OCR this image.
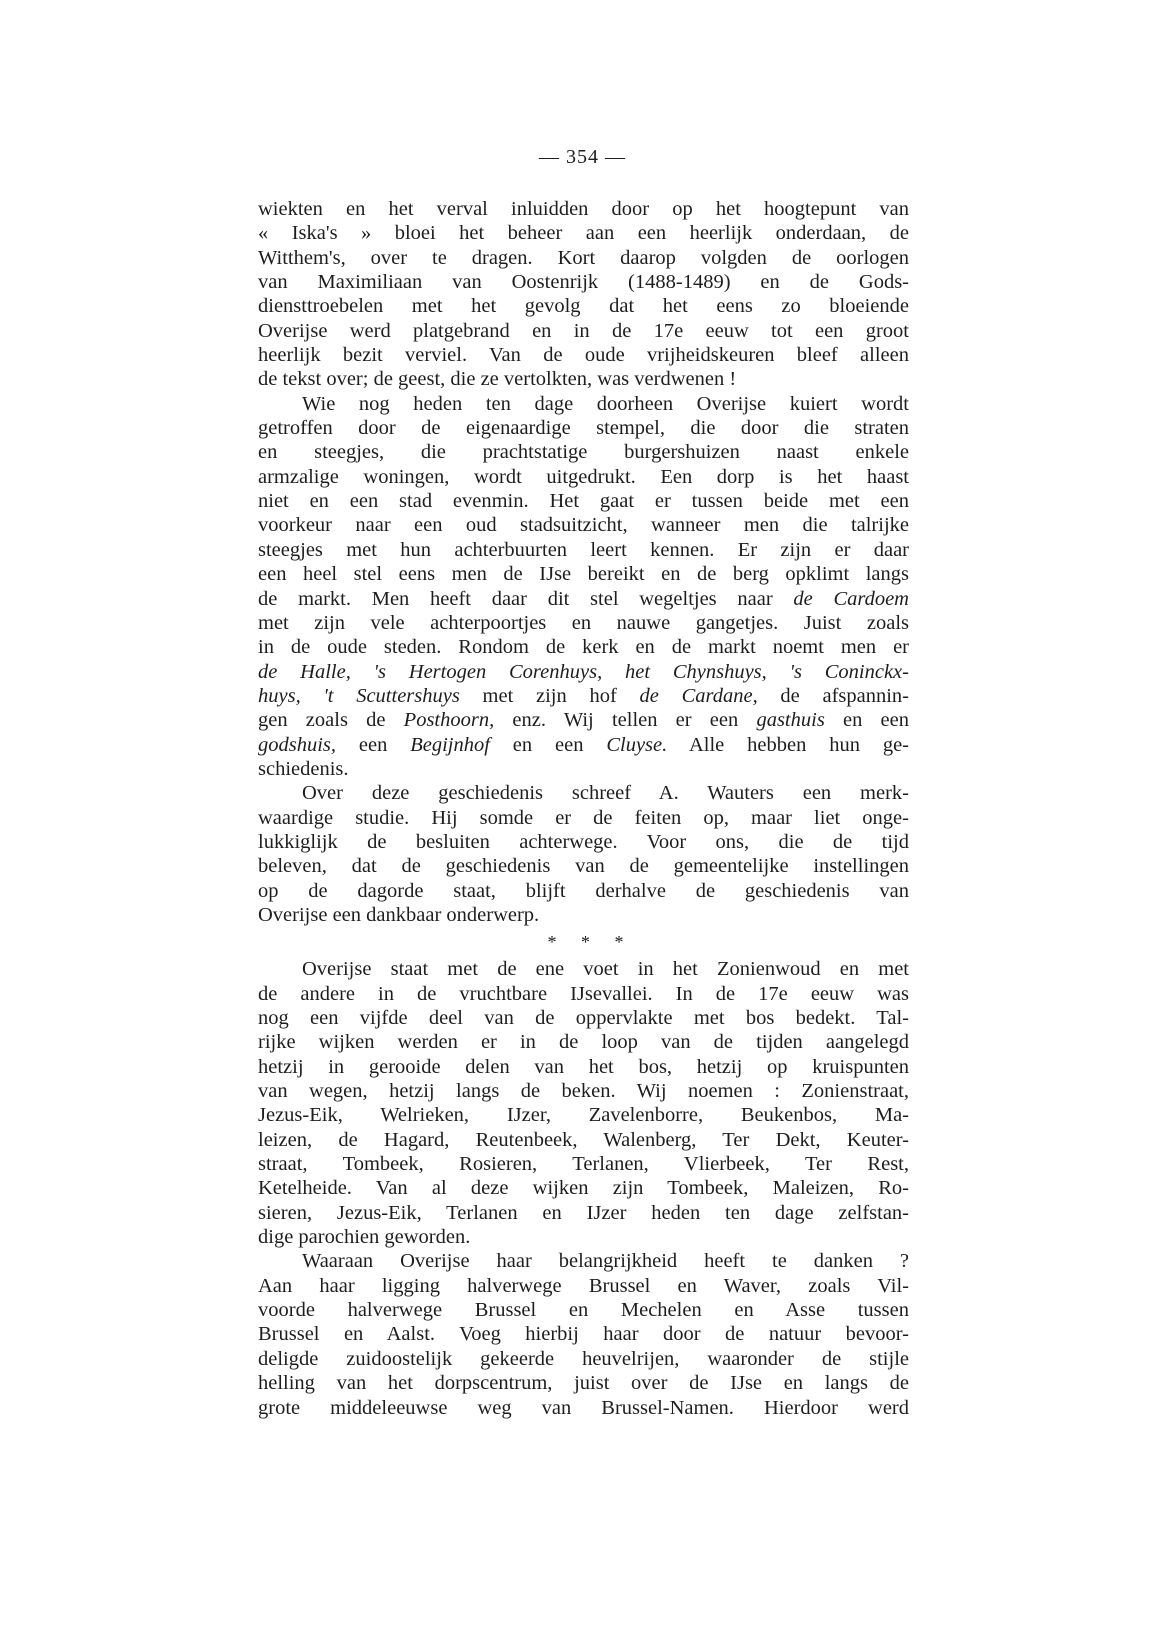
— 354 —
wiekten en het verval inluidden door op het hoogtepunt van
« Iska's » bloei het beheer aan een heerlijk onderdaan, de
Witthem's, over te dragen. Kort daarop volgden de oorlogen
van Maximiliaan van Oostenrijk (1488-1489) en de Gods-
diensttroebelen met het gevolg dat het eens zo bloeiende
Overijse werd platgebrand en in de 17e eeuw tot een groot
heerlijk bezit verviel. Van de oude vrijheidskeuren bleef alleen
de tekst over; de geest, die ze vertolkten, was verdwenen !
Wie nog heden ten dage doorheen Overijse kuiert wordt
getroffen door de eigenaardige stempel, die door die straten
en steegjes, die prachtstatige burgershuizen naast enkele
armzalige woningen, wordt uitgedrukt. Een dorp is het haast
niet en een stad evenmin. Het gaat er tussen beide met een
voorkeur naar een oud stadsuitzicht, wanneer men die talrijke
steegjes met hun achterbuurten leert kennen. Er zijn er daar
een heel stel eens men de IJse bereikt en de berg opklimt langs
de markt. Men heeft daar dit stel wegeltjes naar de Cardoem
met zijn vele achterpoortjes en nauwe gangetjes. Juist zoals
in de oude steden. Rondom de kerk en de markt noemt men er
de Halle, 's Hertogen Corenhuys, het Chynshuys, 's Coninckx-
huys, 't Scuttershuys met zijn hof de Cardane, de afspannin-
gen zoals de Posthoorn, enz. Wij tellen er een gasthuis en een
godshuis, een Begijnhof en een Cluyse. Alle hebben hun ge-
schiedenis.
Over deze geschiedenis schreef A. Wauters een merk-
waardige studie. Hij somde er de feiten op, maar liet onge-
lukkiglijk de besluiten achterwege. Voor ons, die de tijd
beleven, dat de geschiedenis van de gemeentelijke instellingen
op de dagorde staat, blijft derhalve de geschiedenis van
Overijse een dankbaar onderwerp.
* * *
Overijse staat met de ene voet in het Zonienwoud en met
de andere in de vruchtbare IJsevallei. In de 17e eeuw was
nog een vijfde deel van de oppervlakte met bos bedekt. Tal-
rijke wijken werden er in de loop van de tijden aangelegd
hetzij in gerooide delen van het bos, hetzij op kruispunten
van wegen, hetzij langs de beken. Wij noemen : Zonienstraat,
Jezus-Eik, Welrieken, IJzer, Zavelenborre, Beukenbos, Ma-
leizen, de Hagard, Reutenbeek, Walenberg, Ter Dekt, Keuter-
straat, Tombeek, Rosieren, Terlanen, Vlierbeek, Ter Rest,
Ketelheide. Van al deze wijken zijn Tombeek, Maleizen, Ro-
sieren, Jezus-Eik, Terlanen en IJzer heden ten dage zelfstan-
dige parochien geworden.
Waaraan Overijse haar belangrijkheid heeft te danken ?
Aan haar ligging halverwege Brussel en Waver, zoals Vil-
voorde halverwege Brussel en Mechelen en Asse tussen
Brussel en Aalst. Voeg hierbij haar door de natuur bevoor-
deligde zuidoostelijk gekeerde heuvelrijen, waaronder de stijle
helling van het dorpscentrum, juist over de IJse en langs de
grote middeleeuwse weg van Brussel-Namen. Hierdoor werd
